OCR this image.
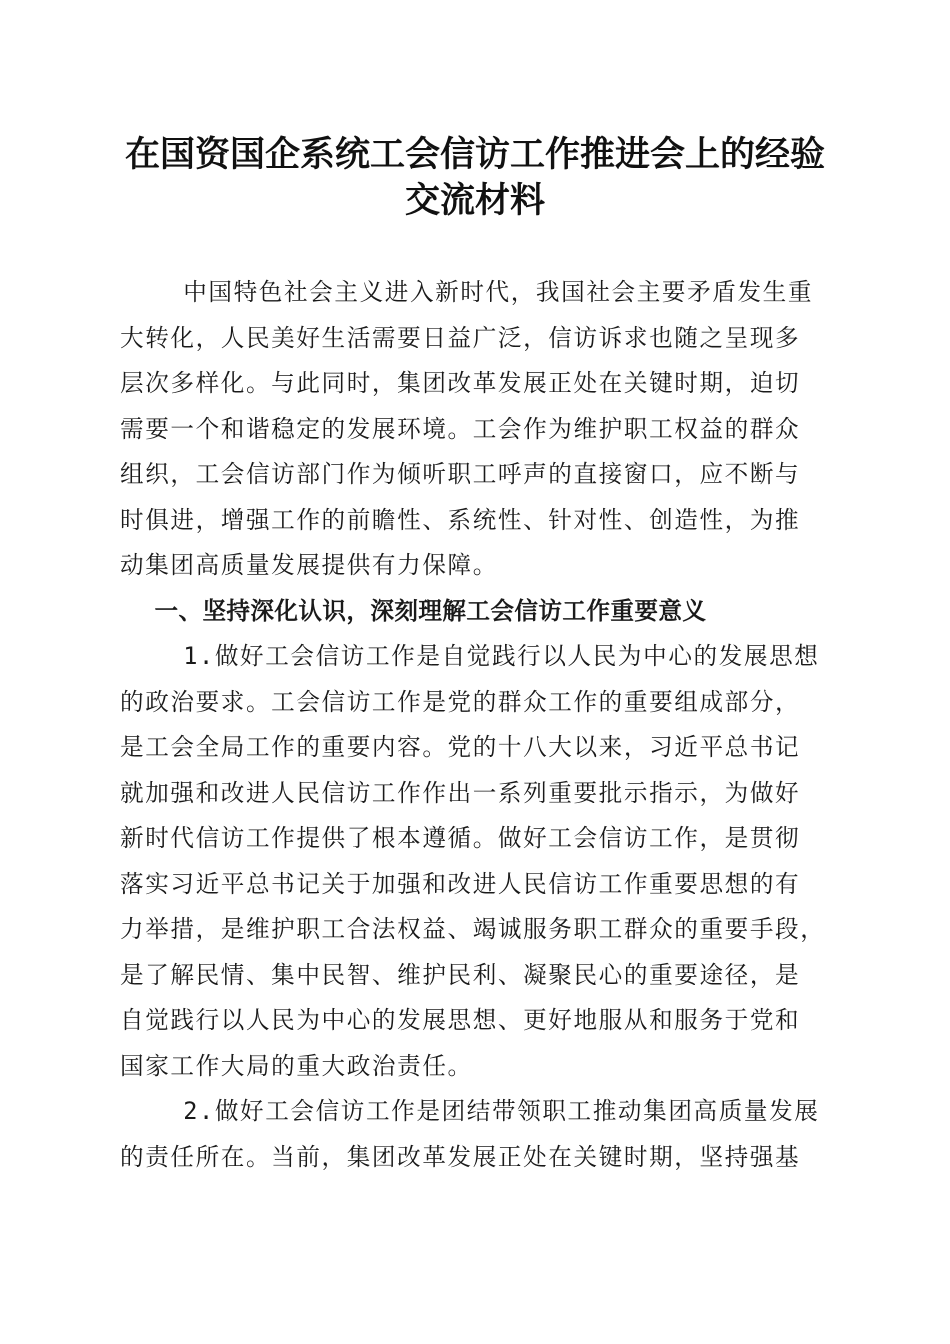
在国资国企系统工会信访工作推进会上的经验
交流材料

中国特色社会主义进入新时代，我国社会主要矛盾发生重
大转化，人民美好生活需要日益广泛，信访诉求也随之呈现多
层次多样化。与此同时，集团改革发展正处在关键时期，迫切
需要一个和谐稳定的发展环境。工会作为维护职工权益的群众
组织，工会信访部门作为倾听职工呼声的直接窗口，应不断与
时俱进，增强工作的前瞻性、系统性、针对性、创造性，为推
动集团高质量发展提供有力保障。

一、坚持深化认识，深刻理解工会信访工作重要意义

1.做好工会信访工作是自觉践行以人民为中心的发展思想
的政治要求。工会信访工作是党的群众工作的重要组成部分，
是工会全局工作的重要内容。党的十八大以来，习近平总书记
就加强和改进人民信访工作作出一系列重要批示指示，为做好
新时代信访工作提供了根本遵循。做好工会信访工作，是贯彻
落实习近平总书记关于加强和改进人民信访工作重要思想的有
力举措，是维护职工合法权益、竭诚服务职工群众的重要手段，
是了解民情、集中民智、维护民利、凝聚民心的重要途径，是
自觉践行以人民为中心的发展思想、更好地服从和服务于党和
国家工作大局的重大政治责任。

2.做好工会信访工作是团结带领职工推动集团高质量发展
的责任所在。当前，集团改革发展正处在关键时期，坚持强基
